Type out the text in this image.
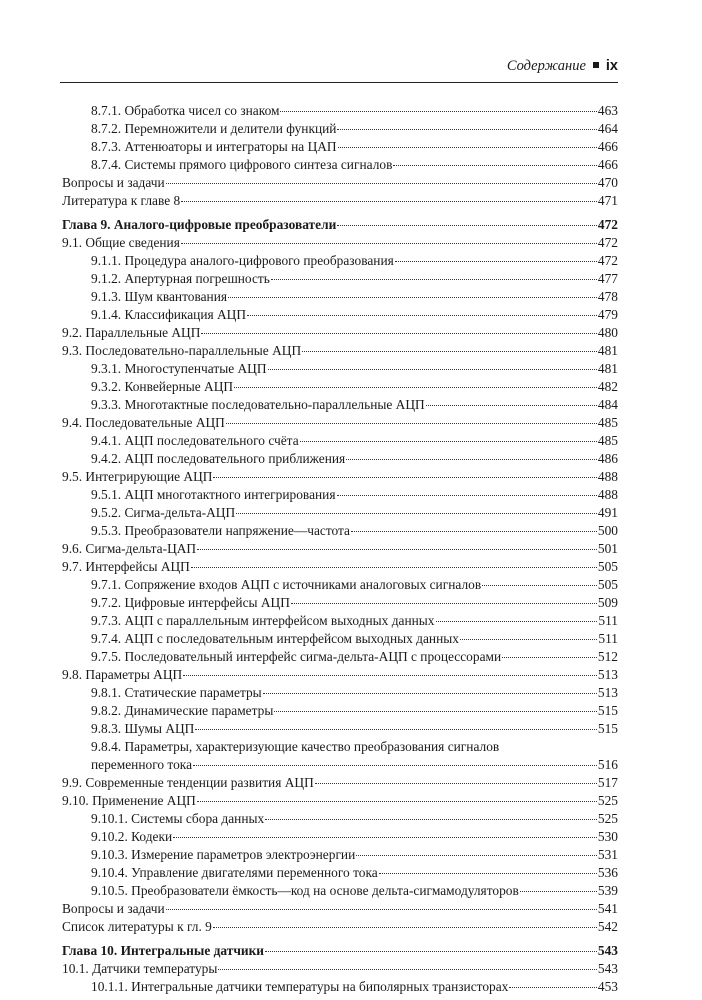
Содержание ix
8.7.1. Обработка чисел со знаком	463
8.7.2. Перемножители и делители функций	464
8.7.3. Аттенюаторы и интеграторы на ЦАП	466
8.7.4. Системы прямого цифрового синтеза сигналов	466
Вопросы и задачи	470
Литература к главе 8	471
Глава 9. Аналого-цифровые преобразователи	472
9.1. Общие сведения	472
9.1.1. Процедура аналого-цифрового преобразования	472
9.1.2. Апертурная погрешность	477
9.1.3. Шум квантования	478
9.1.4. Классификация АЦП	479
9.2. Параллельные АЦП	480
9.3. Последовательно-параллельные АЦП	481
9.3.1. Многоступенчатые АЦП	481
9.3.2. Конвейерные АЦП	482
9.3.3. Многотактные последовательно-параллельные АЦП	484
9.4. Последовательные АЦП	485
9.4.1. АЦП последовательного счёта	485
9.4.2. АЦП последовательного приближения	486
9.5. Интегрирующие АЦП	488
9.5.1. АЦП многотактного интегрирования	488
9.5.2. Сигма-дельта-АЦП	491
9.5.3. Преобразователи напряжение—частота	500
9.6. Сигма-дельта-ЦАП	501
9.7. Интерфейсы АЦП	505
9.7.1. Сопряжение входов АЦП с источниками аналоговых сигналов	505
9.7.2. Цифровые интерфейсы АЦП	509
9.7.3. АЦП с параллельным интерфейсом выходных данных	511
9.7.4. АЦП с последовательным интерфейсом выходных данных	511
9.7.5. Последовательный интерфейс сигма-дельта-АЦП с процессорами	512
9.8. Параметры АЦП	513
9.8.1. Статические параметры	513
9.8.2. Динамические параметры	515
9.8.3. Шумы АЦП	515
9.8.4. Параметры, характеризующие качество преобразования сигналов
переменного тока	516
9.9. Современные тенденции развития АЦП	517
9.10. Применение АЦП	525
9.10.1. Системы сбора данных	525
9.10.2. Кодеки	530
9.10.3. Измерение параметров электроэнергии	531
9.10.4. Управление двигателями переменного тока	536
9.10.5. Преобразователи ёмкость—код на основе дельта-сигмамодуляторов	539
Вопросы и задачи	541
Список литературы к гл. 9	542
Глава 10. Интегральные датчики	543
10.1. Датчики температуры	543
10.1.1. Интегральные датчики температуры на биполярных транзисторах	453
